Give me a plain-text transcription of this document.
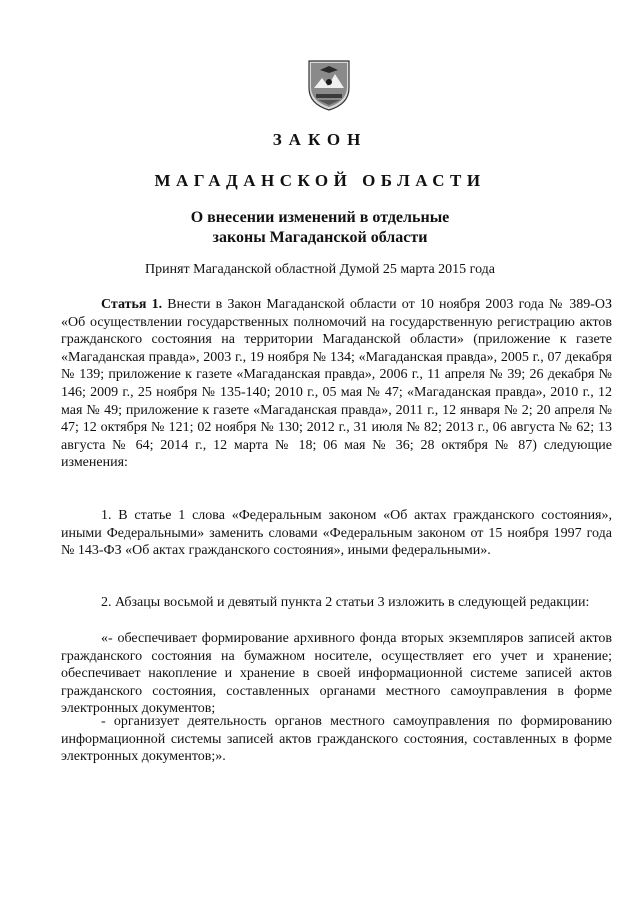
ЗАКОН
МАГАДАНСКОЙ ОБЛАСТИ
О внесении изменений в отдельные
законы Магаданской области
Принят Магаданской областной Думой 25 марта 2015 года
Статья 1. Внести в Закон Магаданской области от 10 ноября 2003 года № 389-ОЗ «Об осуществлении государственных полномочий на государственную регистрацию актов гражданского состояния на территории Магаданской области» (приложение к газете «Магаданская правда», 2003 г., 19 ноября № 134; «Магаданская правда», 2005 г., 07 декабря № 139; приложение к газете «Магаданская правда», 2006 г., 11 апреля № 39; 26 декабря № 146; 2009 г., 25 ноября № 135-140; 2010 г., 05 мая № 47; «Магаданская правда», 2010 г., 12 мая № 49; приложение к газете «Магаданская правда», 2011 г., 12 января № 2; 20 апреля № 47; 12 октября № 121; 02 ноября № 130; 2012 г., 31 июля № 82; 2013 г., 06 августа № 62; 13 августа № 64; 2014 г., 12 марта № 18; 06 мая № 36; 28 октября № 87) следующие изменения:
1. В статье 1 слова «Федеральным законом «Об актах гражданского состояния», иными Федеральными» заменить словами «Федеральным законом от 15 ноября 1997 года № 143-ФЗ «Об актах гражданского состояния», иными федеральными».
2. Абзацы восьмой и девятый пункта 2 статьи 3 изложить в следующей редакции:
«- обеспечивает формирование архивного фонда вторых экземпляров записей актов гражданского состояния на бумажном носителе, осуществляет его учет и хранение; обеспечивает накопление и хранение в своей информационной системе записей актов гражданского состояния, составленных органами местного самоуправления в форме электронных документов;
- организует деятельность органов местного самоуправления по формированию информационной системы записей актов гражданского состояния, составленных в форме электронных документов;».
